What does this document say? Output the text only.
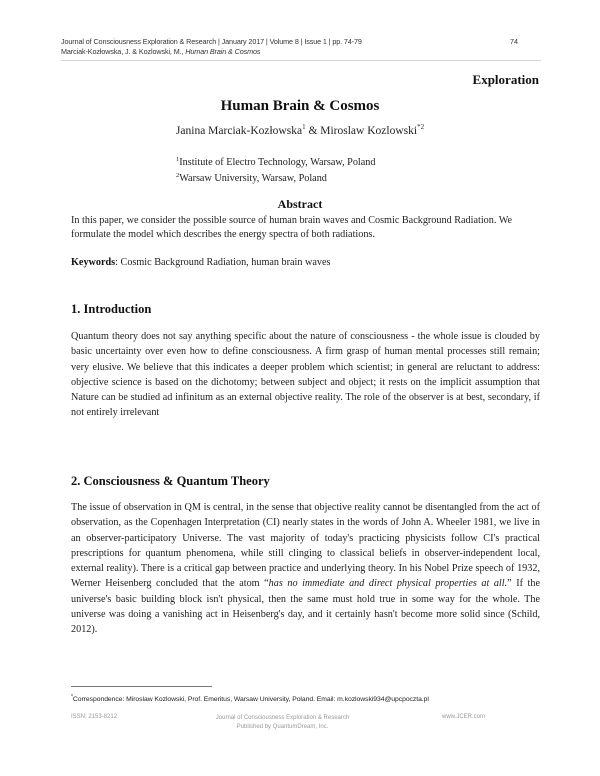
Journal of Consciousness Exploration & Research | January 2017 | Volume 8 | Issue 1 | pp. 74-79
Marciak-Kozłowska, J. & Kozlowski, M., Human Brain & Cosmos
74
Exploration
Human Brain & Cosmos
Janina Marciak-Kozłowska$^1$ & Miroslaw Kozlowski$^{*2}$
$^1$Institute of Electro Technology, Warsaw, Poland
$^2$Warsaw University, Warsaw, Poland
Abstract
In this paper, we consider the possible source of human brain waves and Cosmic Background Radiation. We formulate the model which describes the energy spectra of both radiations.
Keywords: Cosmic Background Radiation, human brain waves
1. Introduction
Quantum theory does not say anything specific about the nature of consciousness - the whole issue is clouded by basic uncertainty over even how to define consciousness. A firm grasp of human mental processes still remain; very elusive. We believe that this indicates a deeper problem which scientist; in general are reluctant to address: objective science is based on the dichotomy; between subject and object; it rests on the implicit assumption that Nature can be studied ad infinitum as an external objective reality. The role of the observer is at best, secondary, if not entirely irrelevant
2. Consciousness & Quantum Theory
The issue of observation in QM is central, in the sense that objective reality cannot be disentangled from the act of observation, as the Copenhagen Interpretation (CI) nearly states in the words of John A. Wheeler 1981, we live in an observer-participatory Universe. The vast majority of today's practicing physicists follow CI's practical prescriptions for quantum phenomena, while still clinging to classical beliefs in observer-independent local, external reality). There is a critical gap between practice and underlying theory. In his Nobel Prize speech of 1932, Werner Heisenberg concluded that the atom “has no immediate and direct physical properties at all.” If the universe's basic building block isn't physical, then the same must hold true in some way for the whole. The universe was doing a vanishing act in Heisenberg's day, and it certainly hasn't become more solid since (Schild, 2012).
*Correspondence: Miroslaw Kozlowski, Prof. Emeritus, Warsaw University, Poland. Email: m.kozlowski934@upcpoczta.pl
ISSN: 2153-8212	Journal of Consciousness Exploration & Research
Published by QuantumDream, Inc.
www.JCER.com
